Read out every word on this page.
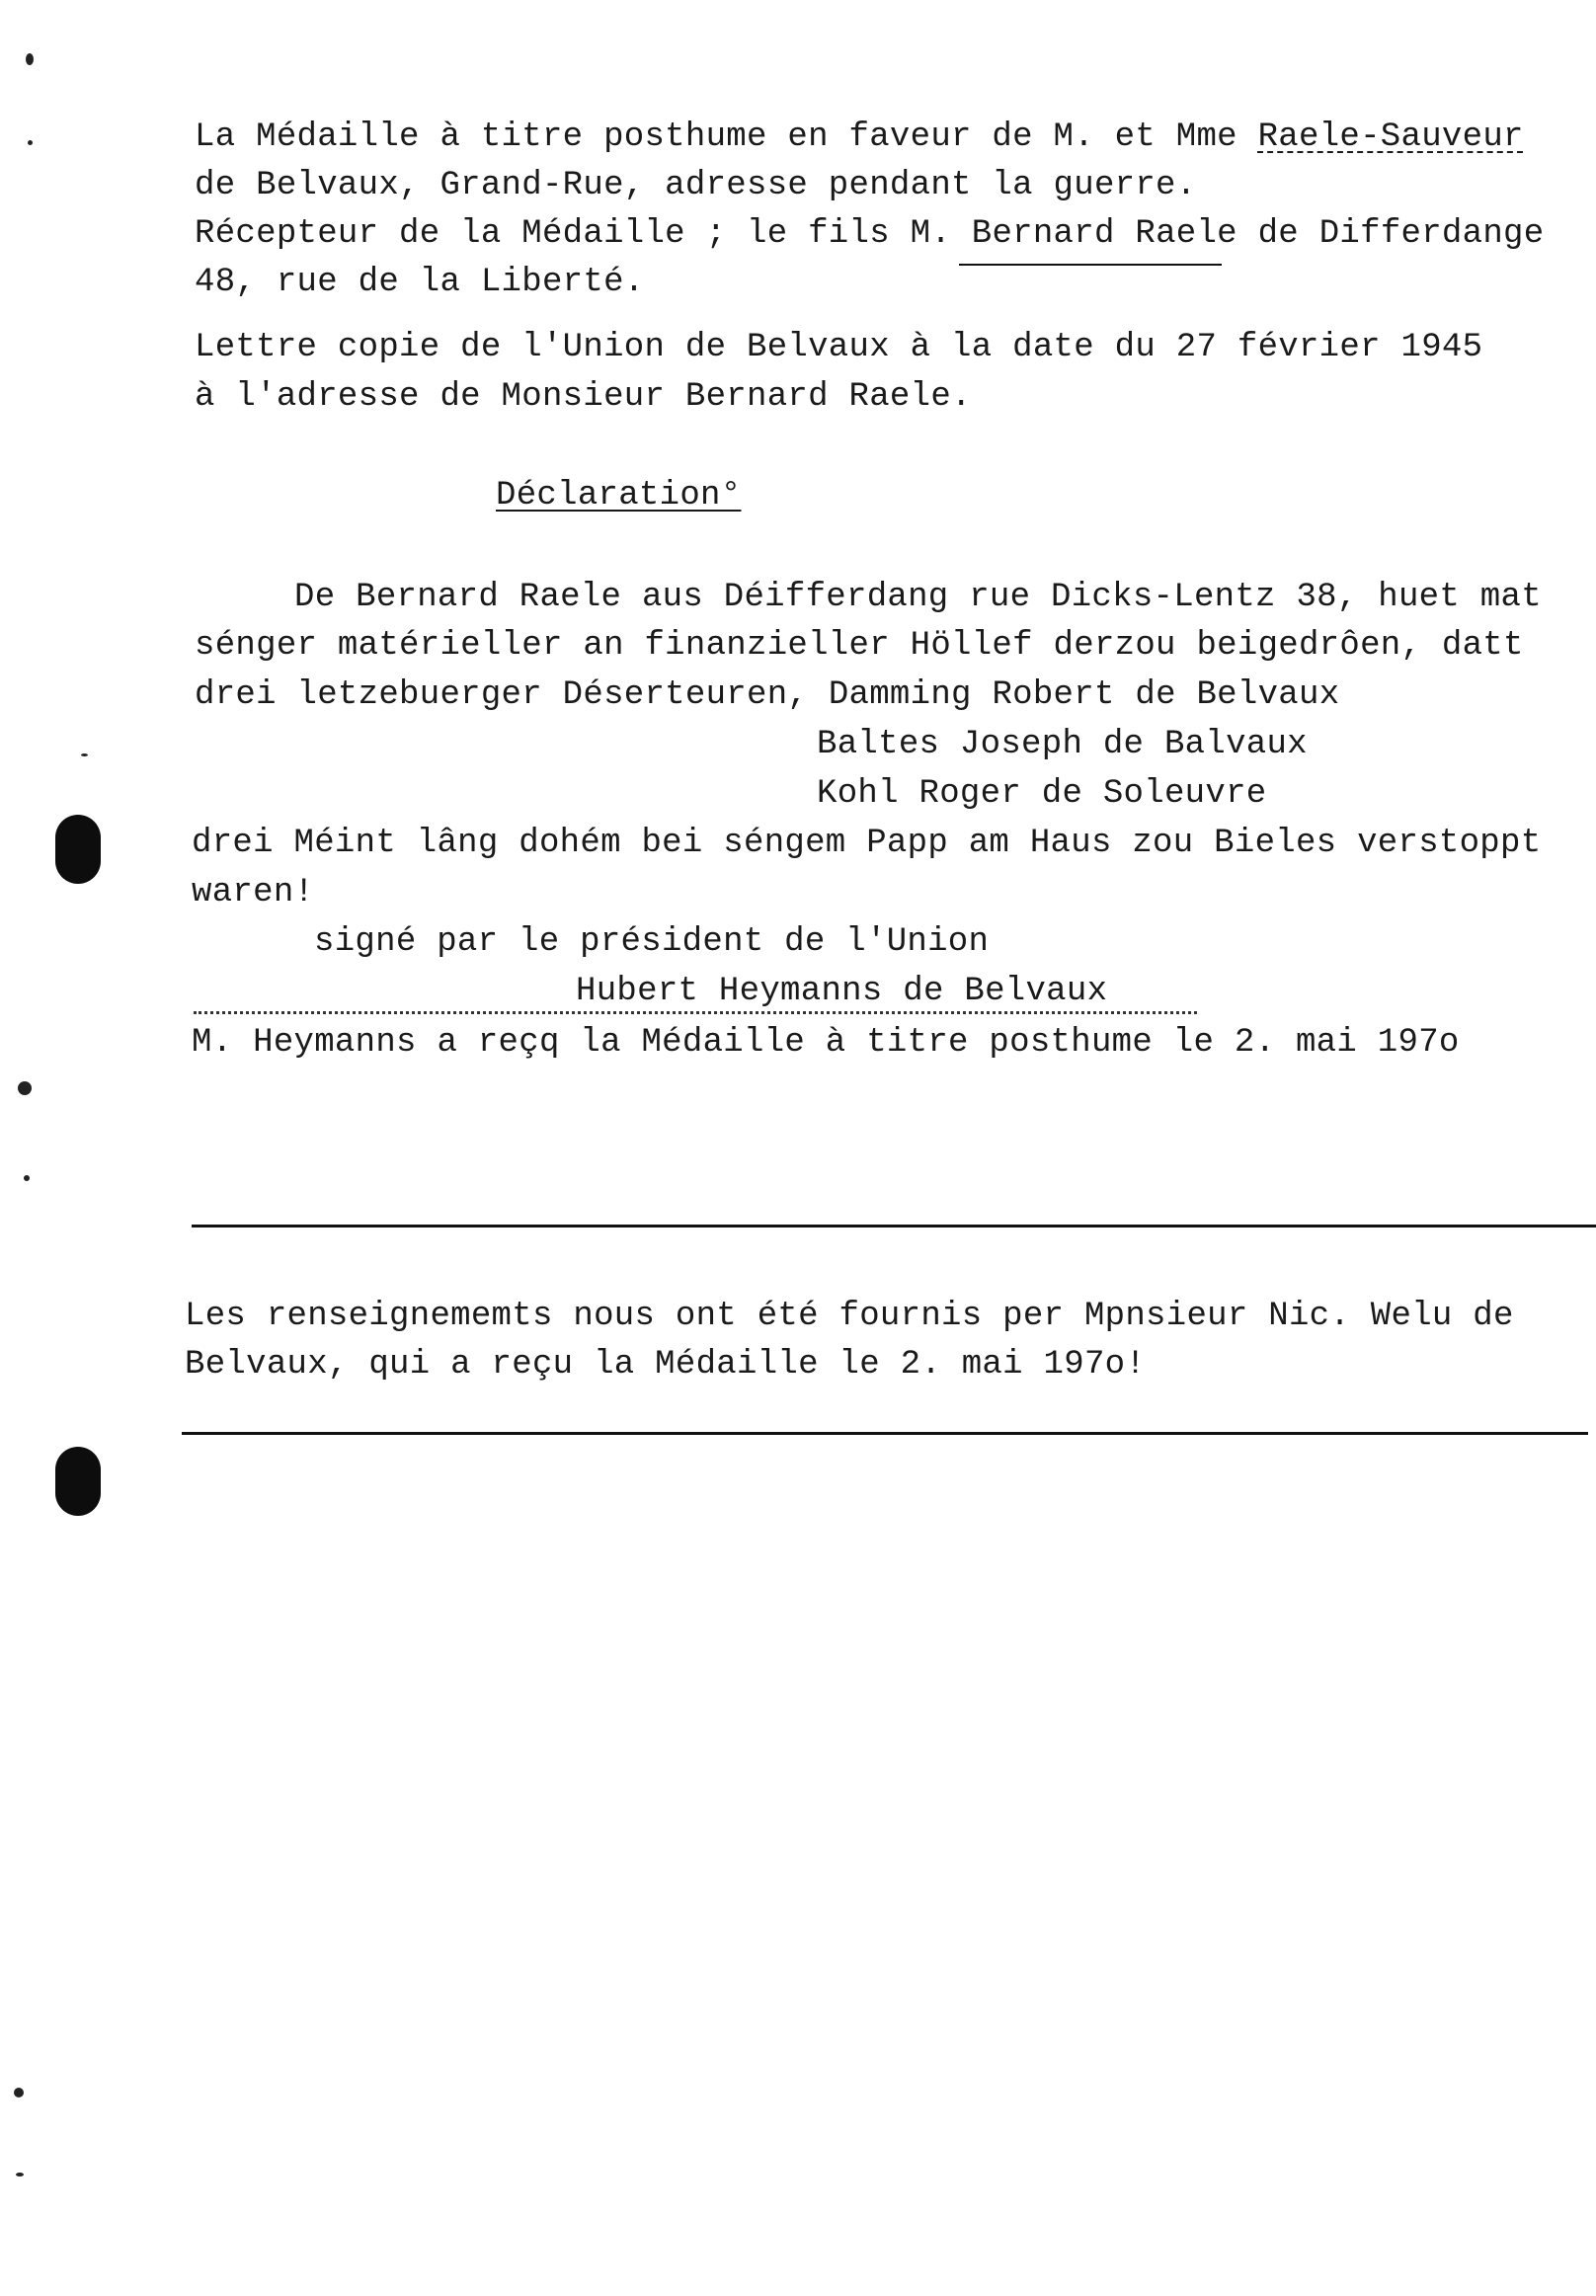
La Médaille à titre posthume en faveur de M. et Mme Raele-Sauveur
de Belvaux, Grand-Rue, adresse pendant la guerre.
Récepteur de la Médaille ; le fils M. Bernard Raele de Differdange
48, rue de la Liberté.
Lettre copie de l'Union de Belvaux à la date du 27 février 1945
à l'adresse de Monsieur Bernard Raele.
Déclaration°
De Bernard Raele aus Déifferdang rue Dicks-Lentz 38, huet mat
sénger matérieller an finanzieller Höllef derzou beigedrôen, datt
drei letzebuerger Déserteuren, Damming Robert de Belvaux
Baltes Joseph de Balvaux
Kohl Roger de Soleuvre
drei Méint lâng dohém bei séngem Papp am Haus zou Bieles verstoppt
waren!
signé par le président de l'Union
Hubert Heymanns de Belvaux
M. Heymanns a reçq la Médaille à titre posthume le 2. mai 197o
Les renseignememts nous ont été fournis per Mpnsieur Nic. Welu de
Belvaux, qui a reçu la Médaille le 2. mai 197o!
